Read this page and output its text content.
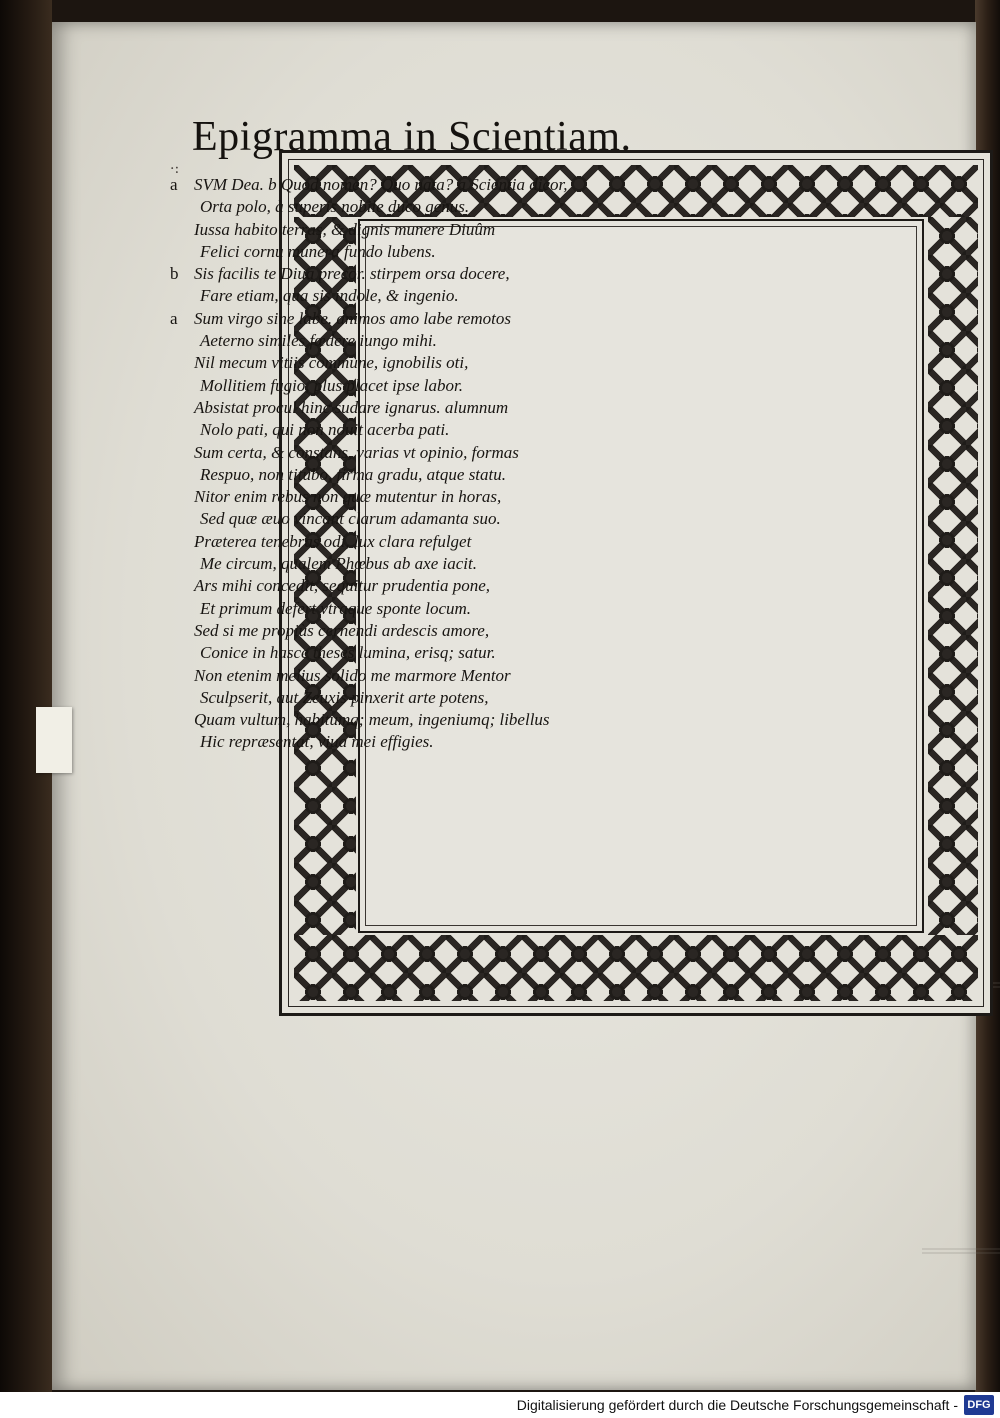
·:
Epigramma in Scientiam.
a SVM Dea. b Quod nomen? Quo nata? a Scientia dicor,
Orta polo, à superis nobile duco genus.
Iussa habito terras, & dignis munere Diuûm
Felici cornu munera fundo lubens.
b Sis facilis te Diua precor. stirpem orsa docere,
Fare etiam, qua sis indole, & ingenio.
a Sum virgo sine labe. animos amo labe remotos
Aeterno similes fœdere iungo mihi.
Nil mecum vitiis commune, ignobilis oti,
Mollitiem fugio, plus placet ipse labor.
Absistat procul hinc sudare ignarus. alumnum
Nolo pati, qui non nouit acerba pati.
Sum certa, & constans, varias vt opinio, formas
Respuo, non titubo, firma gradu, atque statu.
Nitor enim rebus non quæ mutentur in horas,
Sed quæ æuo vincant clarum adamanta suo.
Præterea tenebras odi, lux clara refulget
Me circum, qualem Phœbus ab axe iacit.
Ars mihi concedit, sequitur prudentia pone,
Et primum defert vtraque sponte locum.
Sed si me propiùs cernendi ardescis amore,
Conice in hasce theses lumina, erisq; satur.
Non etenim melius solido me marmore Mentor
Sculpserit, aut Zeuxis pinxerit arte potens,
Quam vultum, habitumq; meum, ingeniumq; libellus
Hic repræsentat, viua mei effigies.
Digitalisierung gefördert durch die Deutsche Forschungsgemeinschaft - DFG
